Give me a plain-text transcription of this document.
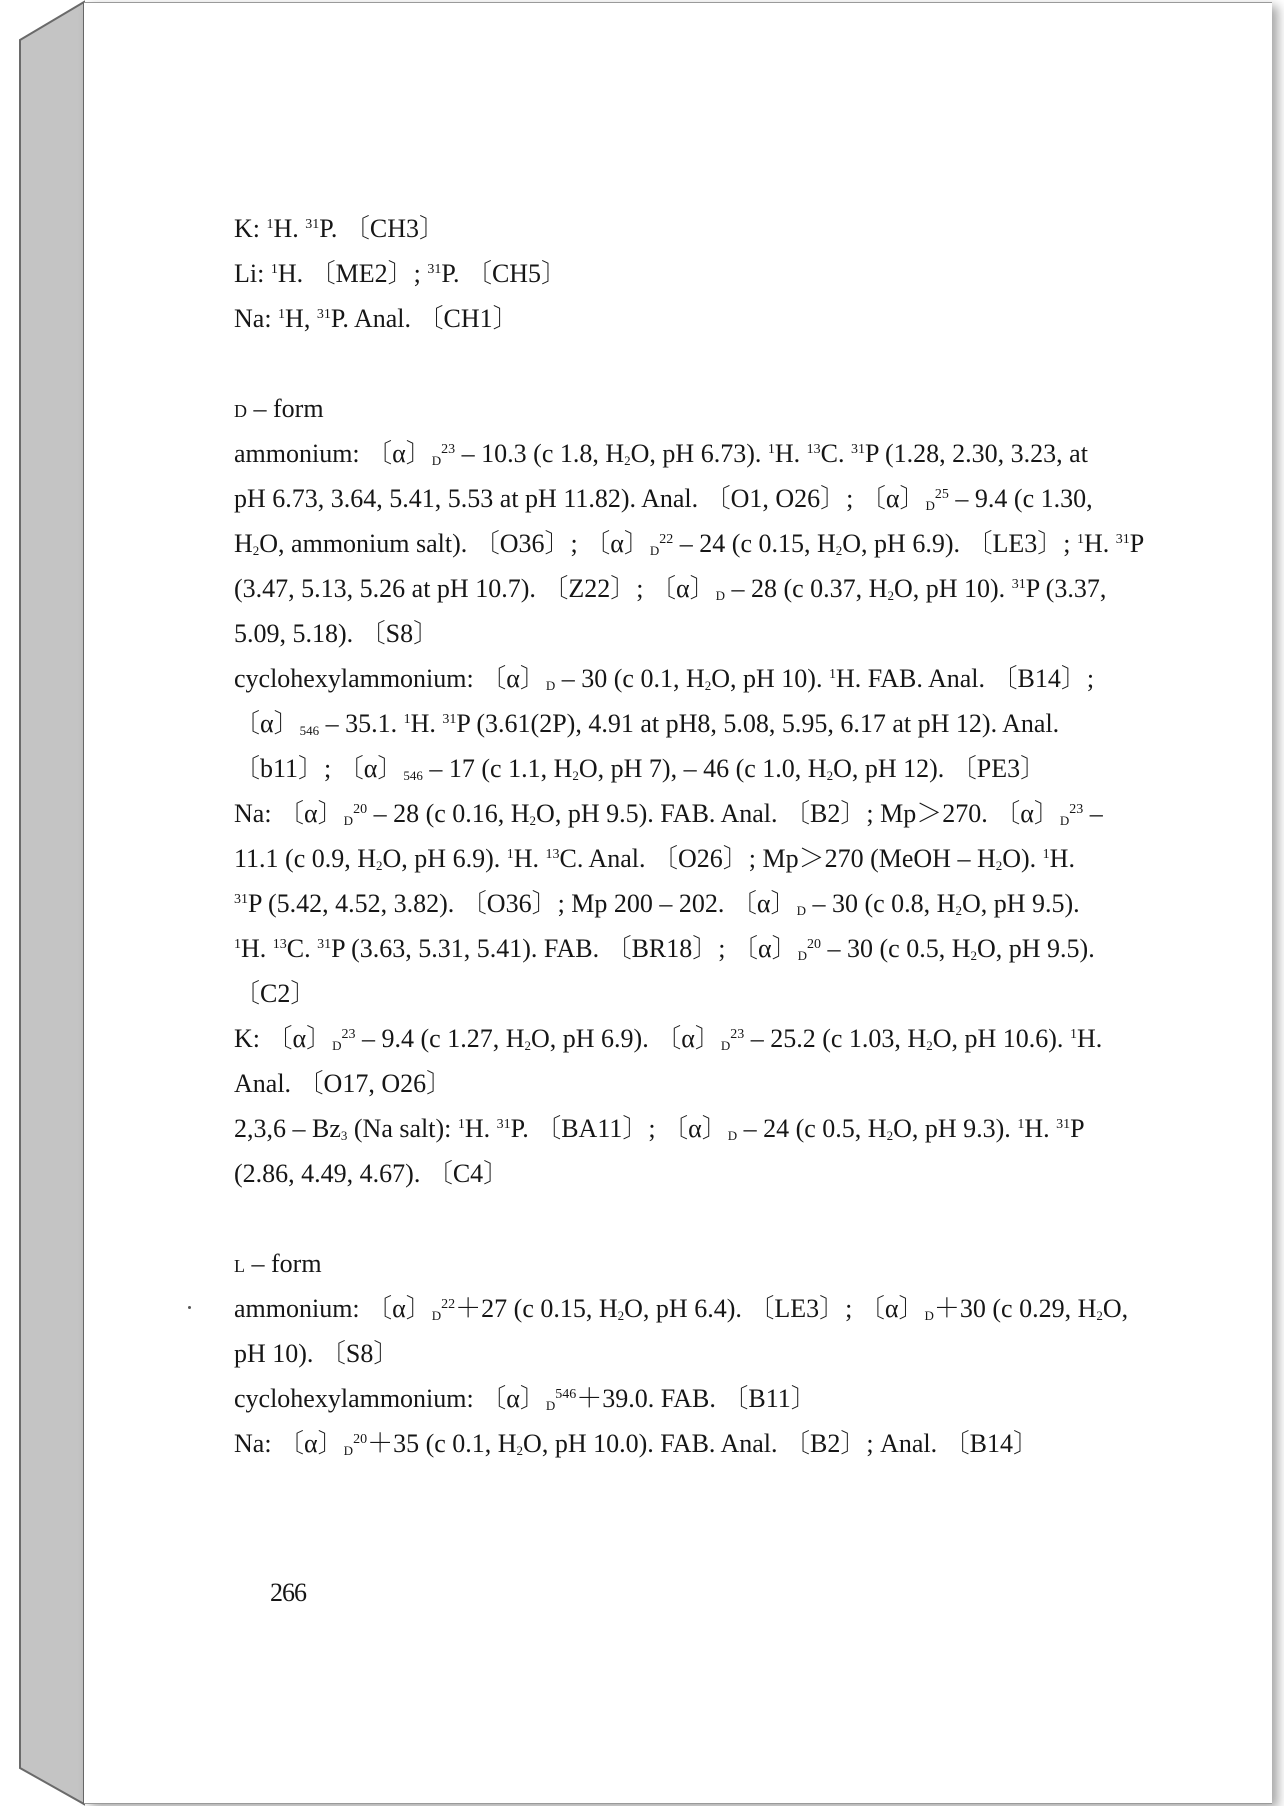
K: $^1$H. $^{31}$P. 〔CH3〕
Li: $^1$H. 〔ME2〕; $^{31}$P. 〔CH5〕
Na: $^1$H, $^{31}$P. Anal. 〔CH1〕
d – form
ammonium: 〔α〕$_D^{23}$ – 10.3 (c 1.8, $H_2O$, pH 6.73). $^1$H. $^{13}$C. $^{31}$P (1.28, 2.30, 3.23, at
pH 6.73, 3.64, 5.41, 5.53 at pH 11.82). Anal. 〔O1, O26〕; 〔α〕$_D^{25}$ – 9.4 (c 1.30,
$H_2O$, ammonium salt). 〔O36〕; 〔α〕$_D^{22}$ – 24 (c 0.15, $H_2O$, pH 6.9). 〔LE3〕; $^1$H. $^{31}$P
(3.47, 5.13, 5.26 at pH 10.7). 〔Z22〕; 〔α〕$_D$ – 28 (c 0.37, $H_2O$, pH 10). $^{31}$P (3.37,
5.09, 5.18). 〔S8〕
cyclohexylammonium: 〔α〕$_D$ – 30 (c 0.1, $H_2O$, pH 10). $^1$H. FAB. Anal. 〔B14〕;
〔α〕$_{546}$ – 35.1. $^1$H. $^{31}$P (3.61(2P), 4.91 at pH8, 5.08, 5.95, 6.17 at pH 12). Anal.
〔b11〕; 〔α〕$_{546}$ – 17 (c 1.1, $H_2O$, pH 7), – 46 (c 1.0, $H_2O$, pH 12). 〔PE3〕
Na: 〔α〕$_D^{20}$ – 28 (c 0.16, $H_2O$, pH 9.5). FAB. Anal. 〔B2〕; Mp＞270. 〔α〕$_D^{23}$ –
11.1 (c 0.9, $H_2O$, pH 6.9). $^1$H. $^{13}$C. Anal. 〔O26〕; Mp＞270 (MeOH – $H_2O$). $^1$H.
$^{31}$P (5.42, 4.52, 3.82). 〔O36〕; Mp 200 – 202. 〔α〕$_D$ – 30 (c 0.8, $H_2O$, pH 9.5).
$^1$H. $^{13}$C. $^{31}$P (3.63, 5.31, 5.41). FAB. 〔BR18〕; 〔α〕$_D^{20}$ – 30 (c 0.5, $H_2O$, pH 9.5).
〔C2〕
K: 〔α〕$_D^{23}$ – 9.4 (c 1.27, $H_2O$, pH 6.9). 〔α〕$_D^{23}$ – 25.2 (c 1.03, $H_2O$, pH 10.6). $^1$H.
Anal. 〔O17, O26〕
$2,3,6 - Bz_3$ (Na salt): $^1$H. $^{31}$P. 〔BA11〕; 〔α〕$_D$ – 24 (c 0.5, $H_2O$, pH 9.3). $^1$H. $^{31}$P
(2.86, 4.49, 4.67). 〔C4〕
l – form
ammonium: 〔α〕$_D^{22}$＋27 (c 0.15, $H_2O$, pH 6.4). 〔LE3〕; 〔α〕$_D$＋30 (c 0.29, $H_2O$,
pH 10). 〔S8〕
cyclohexylammonium: 〔α〕$_D^{546}$＋39.0. FAB. 〔B11〕
Na: 〔α〕$_D^{20}$＋35 (c 0.1, $H_2O$, pH 10.0). FAB. Anal. 〔B2〕; Anal. 〔B14〕
266
